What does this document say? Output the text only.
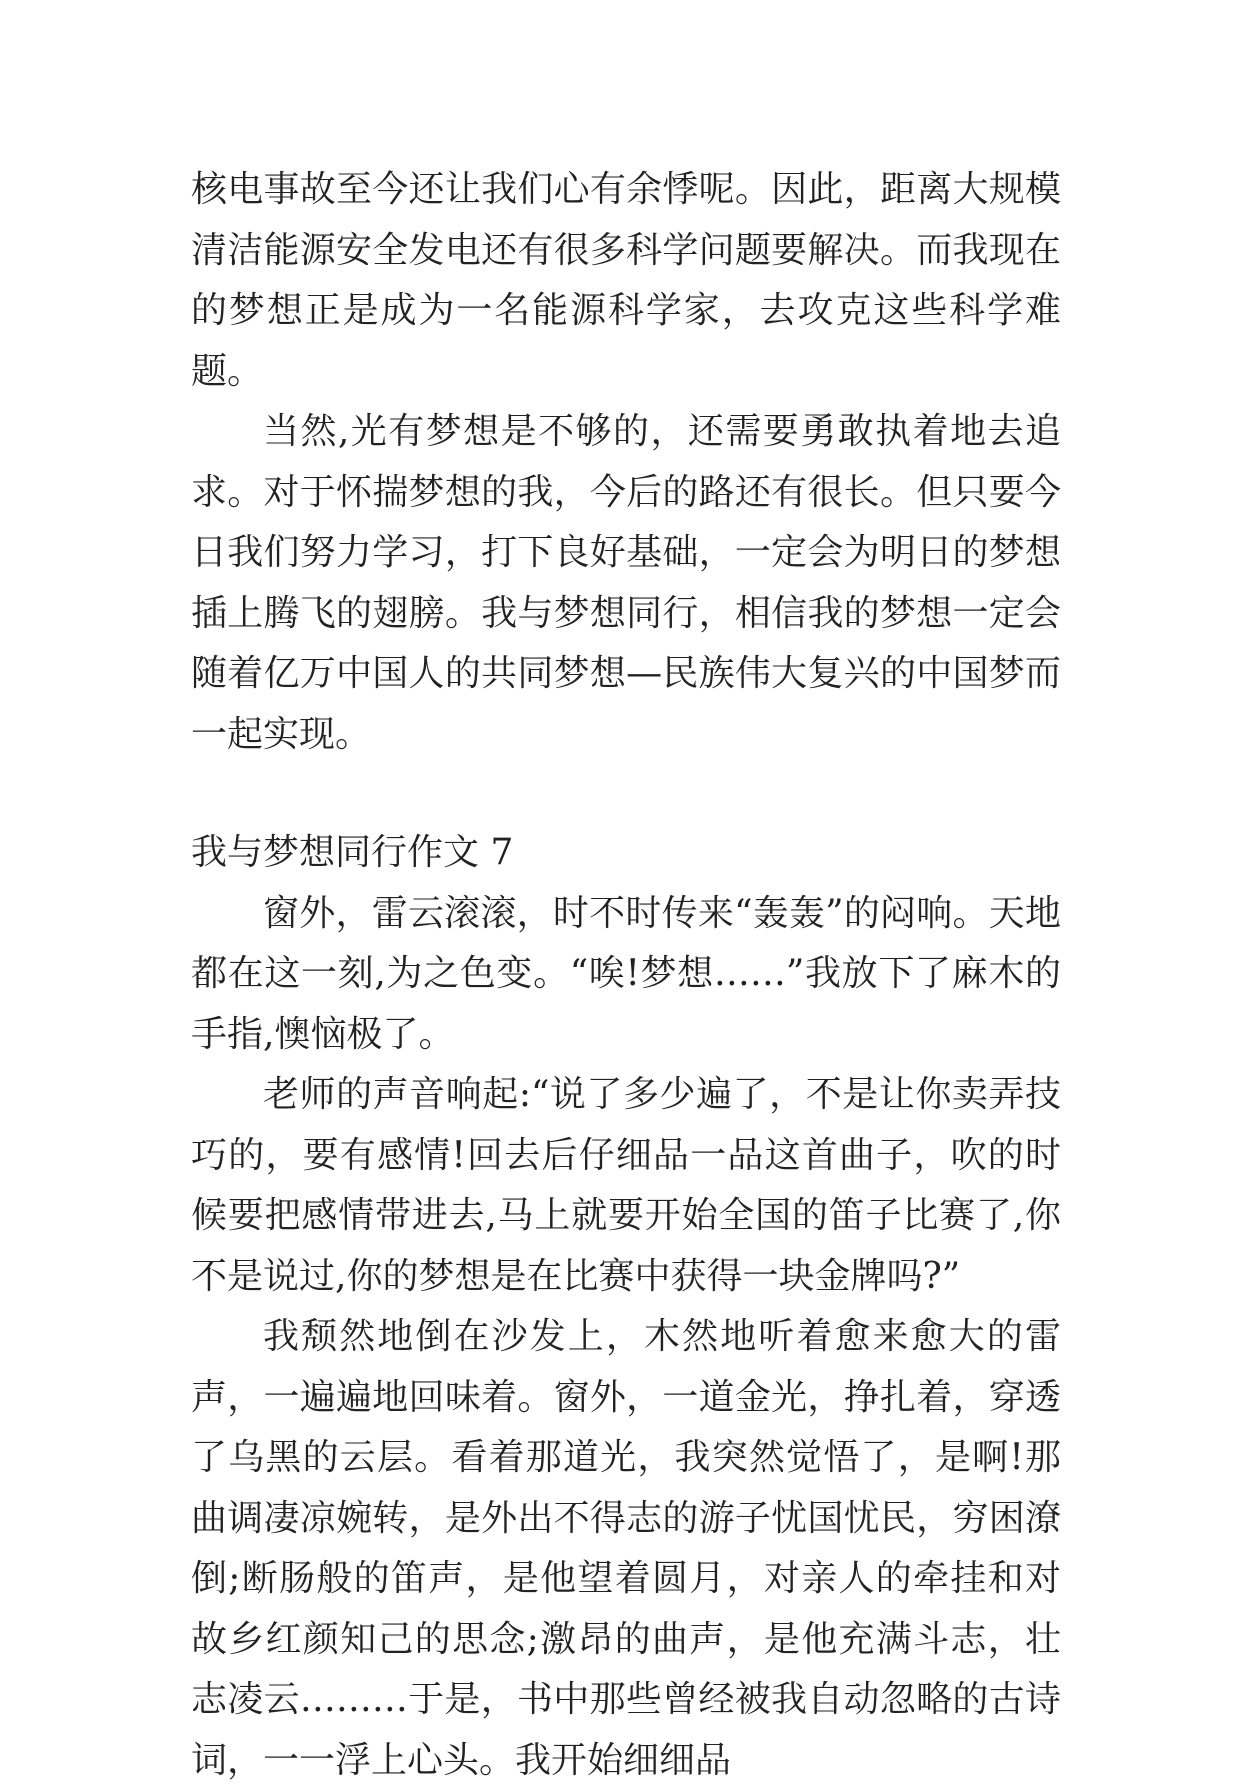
核电事故至今还让我们心有余悸呢。因此，距离大规模清洁能源安全发电还有很多科学问题要解决。而我现在的梦想正是成为一名能源科学家，去攻克这些科学难题。

当然,光有梦想是不够的，还需要勇敢执着地去追求。对于怀揣梦想的我，今后的路还有很长。但只要今日我们努力学习，打下良好基础，一定会为明日的梦想插上腾飞的翅膀。我与梦想同行，相信我的梦想一定会随着亿万中国人的共同梦想—民族伟大复兴的中国梦而一起实现。

我与梦想同行作文 7

窗外，雷云滚滚，时不时传来“轰轰”的闷响。天地都在这一刻,为之色变。“唉!梦想……”我放下了麻木的手指,懊恼极了。

老师的声音响起:“说了多少遍了，不是让你卖弄技巧的，要有感情!回去后仔细品一品这首曲子，吹的时候要把感情带进去,马上就要开始全国的笛子比赛了,你不是说过,你的梦想是在比赛中获得一块金牌吗?”

我颓然地倒在沙发上，木然地听着愈来愈大的雷声，一遍遍地回味着。窗外，一道金光，挣扎着，穿透了乌黑的云层。看着那道光，我突然觉悟了，是啊!那曲调凄凉婉转，是外出不得志的游子忧国忧民，穷困潦倒;断肠般的笛声，是他望着圆月，对亲人的牵挂和对故乡红颜知己的思念;激昂的曲声，是他充满斗志，壮志凌云………于是，书中那些曾经被我自动忽略的古诗词，一一浮上心头。我开始细细品
